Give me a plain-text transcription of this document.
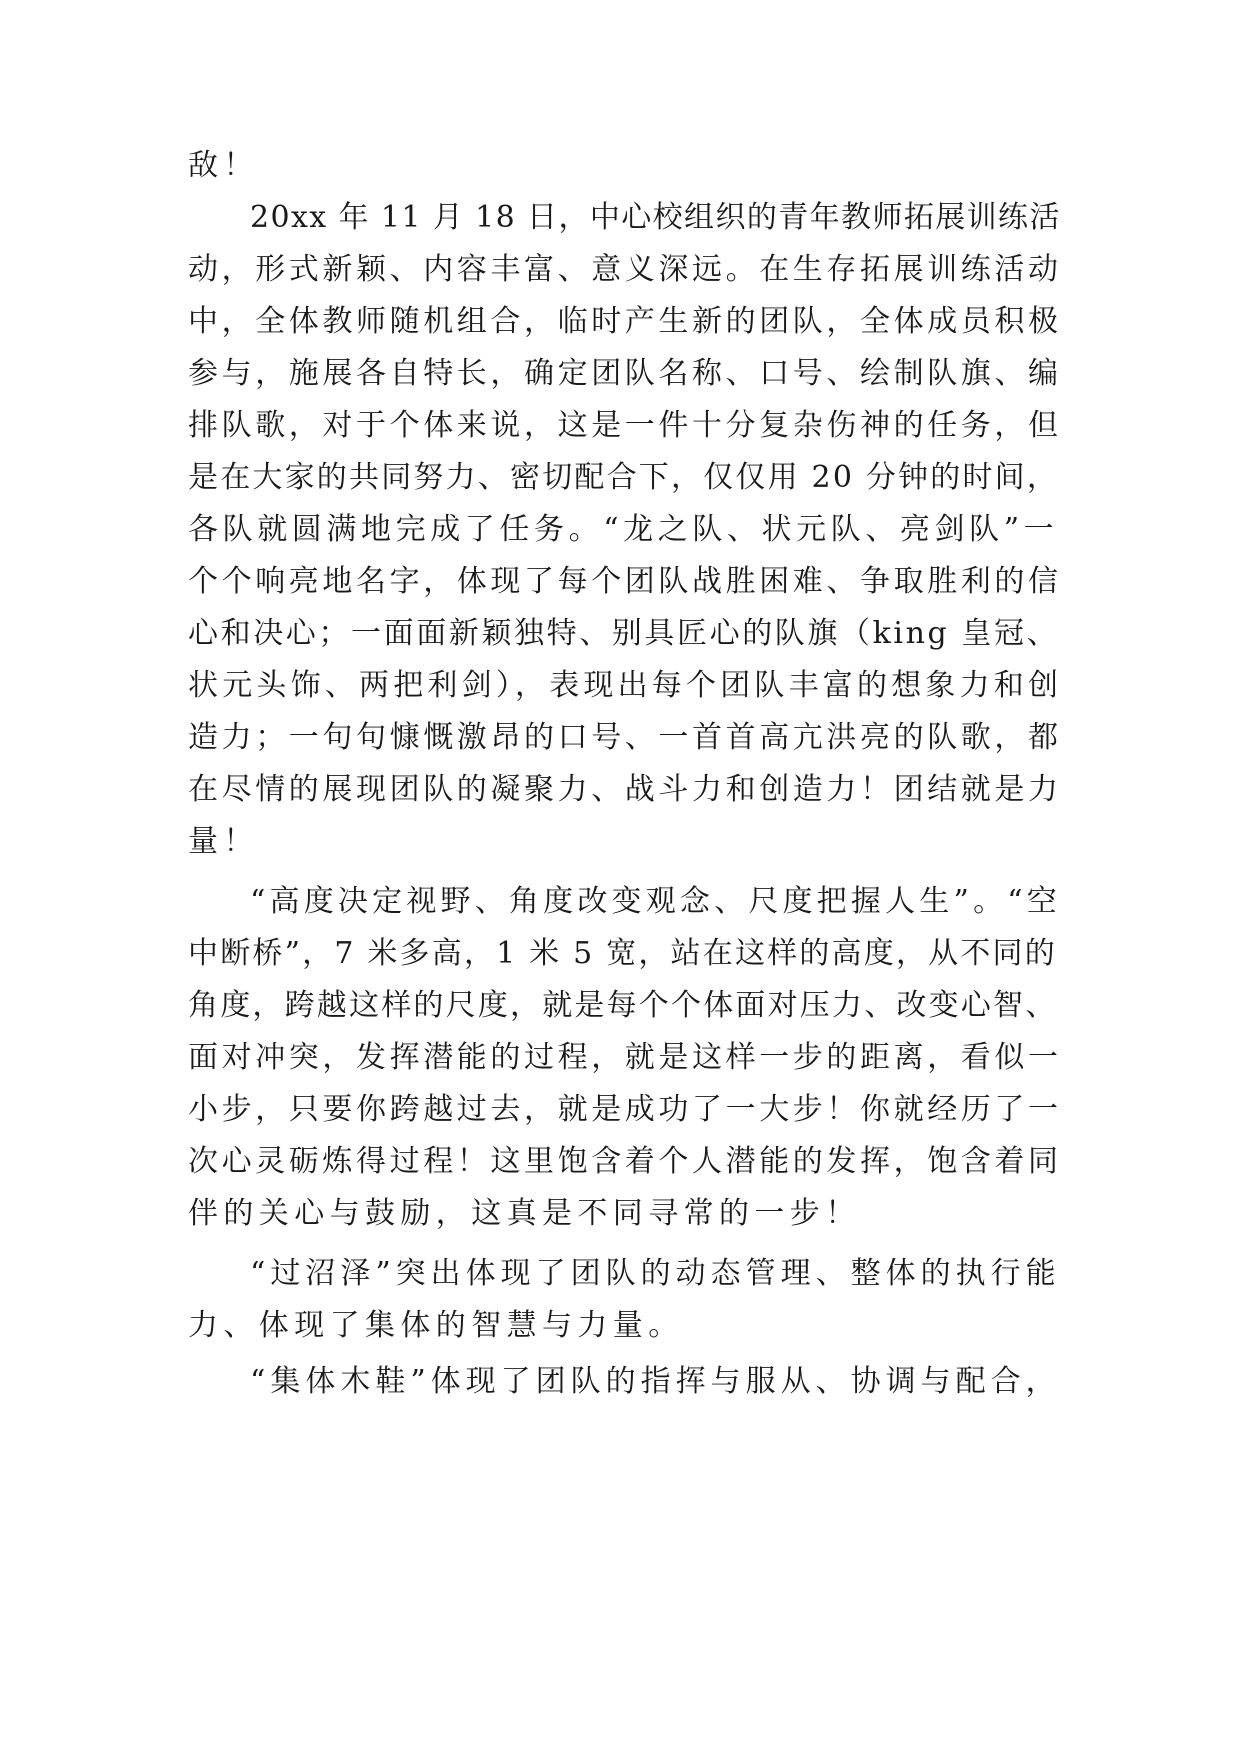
敌！
20xx 年 11 月 18 日，中心校组织的青年教师拓展训练活
动，形式新颖、内容丰富、意义深远。在生存拓展训练活动
中，全体教师随机组合，临时产生新的团队，全体成员积极
参与，施展各自特长，确定团队名称、口号、绘制队旗、编
排队歌，对于个体来说，这是一件十分复杂伤神的任务，但
是在大家的共同努力、密切配合下，仅仅用 20 分钟的时间，
各队就圆满地完成了任务。“龙之队、状元队、亮剑队”一
个个响亮地名字，体现了每个团队战胜困难、争取胜利的信
心和决心；一面面新颖独特、别具匠心的队旗（king 皇冠、
状元头饰、两把利剑），表现出每个团队丰富的想象力和创
造力；一句句慷慨激昂的口号、一首首高亢洪亮的队歌，都
在尽情的展现团队的凝聚力、战斗力和创造力！团结就是力
量！
“高度决定视野、角度改变观念、尺度把握人生”。“空
中断桥”，7 米多高，1 米 5 宽，站在这样的高度，从不同的
角度，跨越这样的尺度，就是每个个体面对压力、改变心智、
面对冲突，发挥潜能的过程，就是这样一步的距离，看似一
小步，只要你跨越过去，就是成功了一大步！你就经历了一
次心灵砺炼得过程！这里饱含着个人潜能的发挥，饱含着同
伴的关心与鼓励，这真是不同寻常的一步！
“过沼泽”突出体现了团队的动态管理、整体的执行能
力、体现了集体的智慧与力量。
“集体木鞋”体现了团队的指挥与服从、协调与配合，
